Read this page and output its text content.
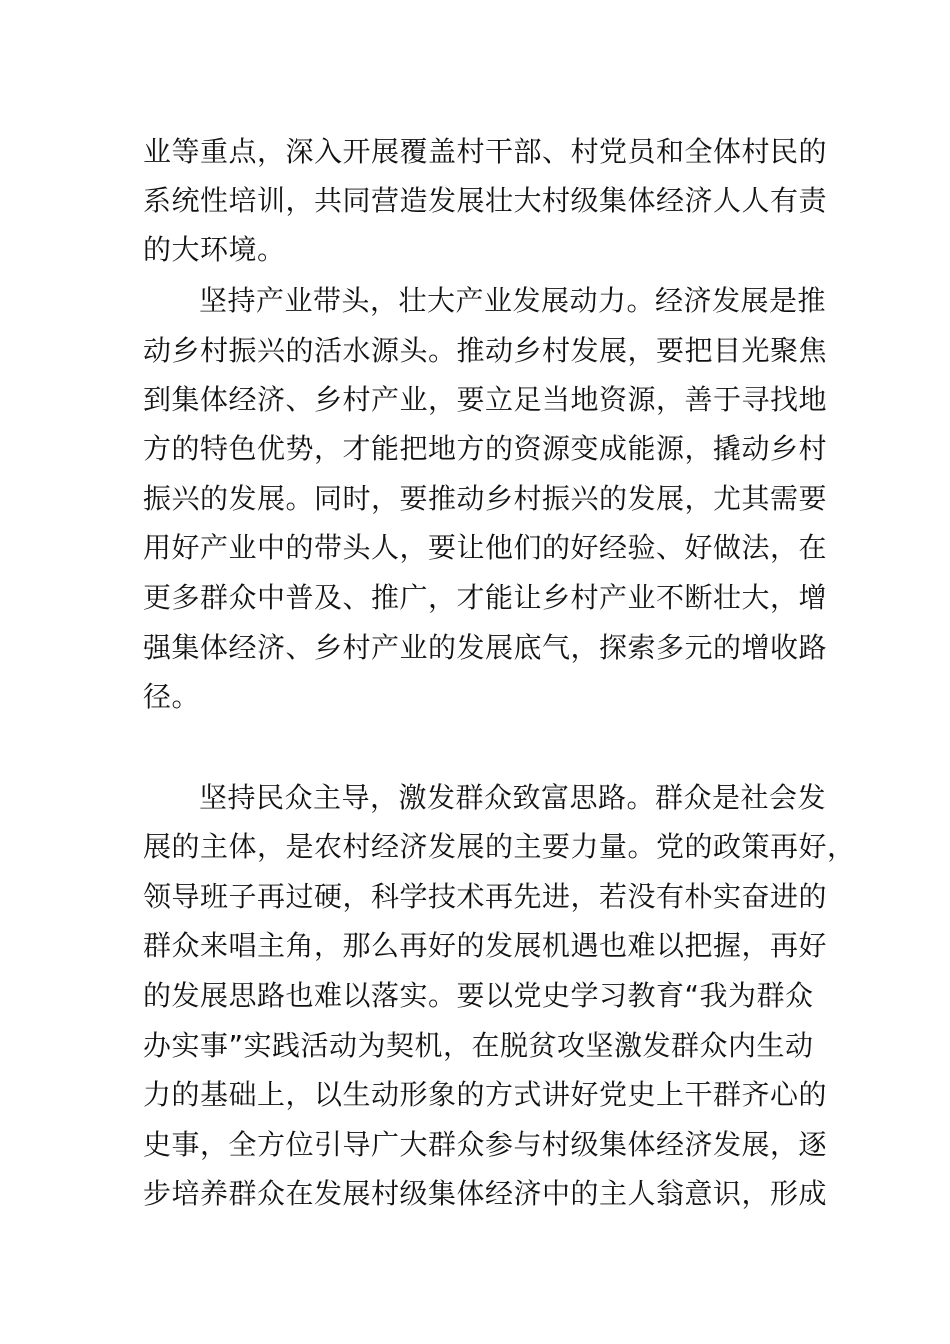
业等重点，深入开展覆盖村干部、村党员和全体村民的
系统性培训，共同营造发展壮大村级集体经济人人有责
的大环境。
坚持产业带头，壮大产业发展动力。经济发展是推
动乡村振兴的活水源头。推动乡村发展，要把目光聚焦
到集体经济、乡村产业，要立足当地资源，善于寻找地
方的特色优势，才能把地方的资源变成能源，撬动乡村
振兴的发展。同时，要推动乡村振兴的发展，尤其需要
用好产业中的带头人，要让他们的好经验、好做法，在
更多群众中普及、推广，才能让乡村产业不断壮大，增
强集体经济、乡村产业的发展底气，探索多元的增收路
径。
坚持民众主导，激发群众致富思路。群众是社会发
展的主体，是农村经济发展的主要力量。党的政策再好，
领导班子再过硬，科学技术再先进，若没有朴实奋进的
群众来唱主角，那么再好的发展机遇也难以把握，再好
的发展思路也难以落实。要以党史学习教育“我为群众
办实事”实践活动为契机，在脱贫攻坚激发群众内生动
力的基础上，以生动形象的方式讲好党史上干群齐心的
史事，全方位引导广大群众参与村级集体经济发展，逐
步培养群众在发展村级集体经济中的主人翁意识，形成
